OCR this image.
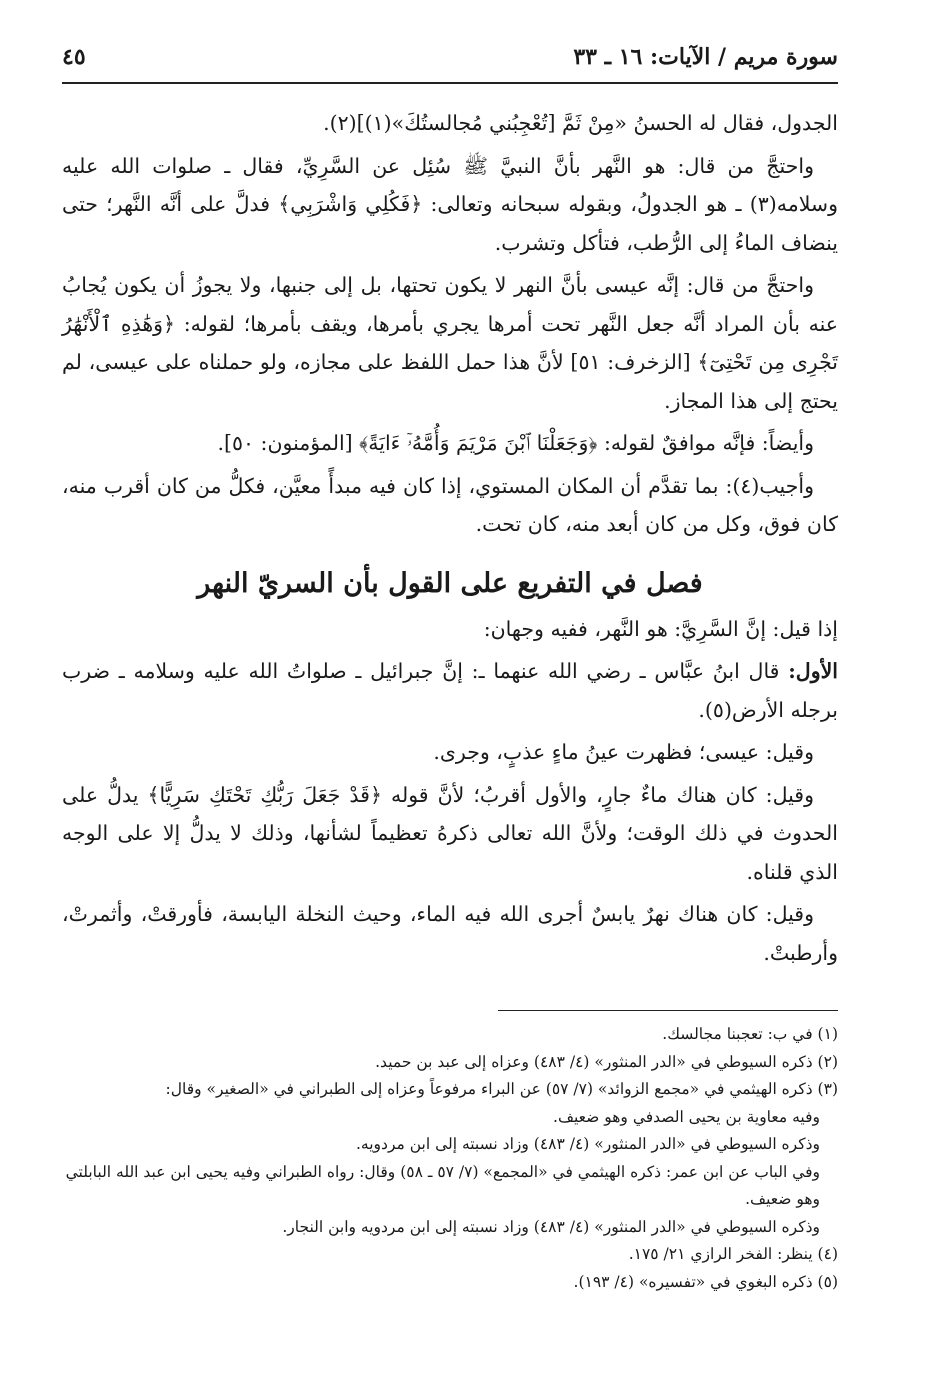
سورة مريم / الآيات: ١٦ ـ ٣٣
٤٥

الجدول، فقال له الحسنُ «مِنْ ثَمَّ [تُعْجِبُني مُجالستُكَ»(١)](٢).

واحتجَّ من قال: هو النَّهر بأنَّ النبيَّ ﷺ سُئِل عن السَّرِيِّ، فقال ـ صلوات الله عليه وسلامه(٣) ـ هو الجدولُ، وبقوله سبحانه وتعالى: ﴿فَكُلِي وَاشْرَبِي﴾ فدلَّ على أنَّه النَّهر؛ حتى ينضاف الماءُ إلى الرُّطب، فتأكل وتشرب.

واحتجَّ من قال: إنَّه عيسى بأنَّ النهر لا يكون تحتها، بل إلى جنبها، ولا يجوزُ أن يكون يُجابُ عنه بأن المراد أنَّه جعل النَّهر تحت أمرها يجري بأمرها، ويقف بأمرها؛ لقوله: ﴿وَهَٰذِهِ ٱلْأَنْهَٰرُ تَجْرِى مِن تَحْتِىٓ﴾ [الزخرف: ٥١] لأنَّ هذا حمل اللفظ على مجازه، ولو حملناه على عيسى، لم يحتج إلى هذا المجاز.

وأيضاً: فإنَّه موافقٌ لقوله: ﴿وَجَعَلْنَا ٱبْنَ مَرْيَمَ وَأُمَّهُۥٓ ءَايَةً﴾ [المؤمنون: ٥٠].

وأجيب(٤): بما تقدَّم أن المكان المستوي، إذا كان فيه مبدأً معيَّن، فكلُّ من كان أقرب منه، كان فوق، وكل من كان أبعد منه، كان تحت.

فصل في التفريع على القول بأن السريّ النهر

إذا قيل: إنَّ السَّرِيَّ: هو النَّهر، ففيه وجهان:

الأول: قال ابنُ عبَّاس ـ رضي الله عنهما ـ: إنَّ جبرائيل ـ صلواتُ الله عليه وسلامه ـ ضرب برجله الأرض(٥).

وقيل: عيسى؛ فظهرت عينُ ماءٍ عذبٍ، وجرى.

وقيل: كان هناك ماءٌ جارٍ، والأول أقربُ؛ لأنَّ قوله ﴿قَدْ جَعَلَ رَبُّكِ تَحْتَكِ سَرِيًّا﴾ يدلُّ على الحدوث في ذلك الوقت؛ ولأنَّ الله تعالى ذكرهُ تعظيماً لشأنها، وذلك لا يدلُّ إلا على الوجه الذي قلناه.

وقيل: كان هناك نهرٌ يابسٌ أجرى الله فيه الماء، وحيث النخلة اليابسة، فأورقتْ، وأثمرتْ، وأرطبتْ.

(١) في ب: تعجبنا مجالسك.

(٢) ذكره السيوطي في «الدر المنثور» (٤/ ٤٨٣) وعزاه إلى عبد بن حميد.

(٣) ذكره الهيثمي في «مجمع الزوائد» (٧/ ٥٧) عن البراء مرفوعاً وعزاه إلى الطبراني في «الصغير» وقال:

وفيه معاوية بن يحيى الصدفي وهو ضعيف.

وذكره السيوطي في «الدر المنثور» (٤/ ٤٨٣) وزاد نسبته إلى ابن مردويه.

وفي الباب عن ابن عمر: ذكره الهيثمي في «المجمع» (٧/ ٥٧ ـ ٥٨) وقال: رواه الطبراني وفيه يحيى ابن عبد الله البابلتي وهو ضعيف.

وذكره السيوطي في «الدر المنثور» (٤/ ٤٨٣) وزاد نسبته إلى ابن مردويه وابن النجار.

(٤) ينظر: الفخر الرازي ٢١/ ١٧٥.

(٥) ذكره البغوي في «تفسيره» (٤/ ١٩٣).
